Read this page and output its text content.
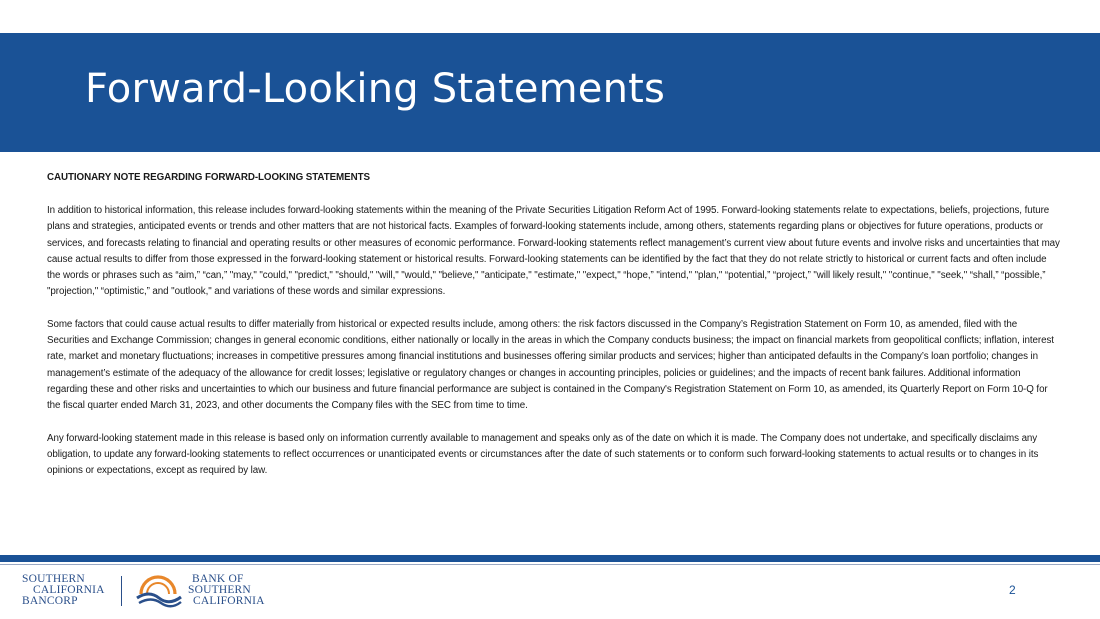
Forward-Looking Statements
CAUTIONARY NOTE REGARDING FORWARD-LOOKING STATEMENTS
In addition to historical information, this release includes forward-looking statements within the meaning of the Private Securities Litigation Reform Act of 1995. Forward-looking statements relate to expectations, beliefs, projections, future plans and strategies, anticipated events or trends and other matters that are not historical facts. Examples of forward-looking statements include, among others, statements regarding plans or objectives for future operations, products or services, and forecasts relating to financial and operating results or other measures of economic performance. Forward-looking statements reflect management’s current view about future events and involve risks and uncertainties that may cause actual results to differ from those expressed in the forward-looking statement or historical results. Forward-looking statements can be identified by the fact that they do not relate strictly to historical or current facts and often include the words or phrases such as “aim,” “can,” "may," "could," "predict," "should," "will," "would," "believe," "anticipate," "estimate," "expect," “hope,” "intend," "plan," “potential,” “project,” "will likely result," "continue," "seek," “shall,” “possible,” "projection," “optimistic,” and "outlook," and variations of these words and similar expressions.
Some factors that could cause actual results to differ materially from historical or expected results include, among others: the risk factors discussed in the Company’s Registration Statement on Form 10, as amended, filed with the Securities and Exchange Commission; changes in general economic conditions, either nationally or locally in the areas in which the Company conducts business; the impact on financial markets from geopolitical conflicts; inflation, interest rate, market and monetary fluctuations; increases in competitive pressures among financial institutions and businesses offering similar products and services; higher than anticipated defaults in the Company’s loan portfolio; changes in management’s estimate of the adequacy of the allowance for credit losses; legislative or regulatory changes or changes in accounting principles, policies or guidelines; and the impacts of recent bank failures. Additional information regarding these and other risks and uncertainties to which our business and future financial performance are subject is contained in the Company's Registration Statement on Form 10, as amended, its Quarterly Report on Form 10-Q for the fiscal quarter ended March 31, 2023, and other documents the Company files with the SEC from time to time.
Any forward-looking statement made in this release is based only on information currently available to management and speaks only as of the date on which it is made. The Company does not undertake, and specifically disclaims any obligation, to update any forward-looking statements to reflect occurrences or unanticipated events or circumstances after the date of such statements or to conform such forward-looking statements to actual results or to changes in its opinions or expectations, except as required by law.
SOUTHERN
CALIFORNIA
BANCORP
BANK OF
SOUTHERN
CALIFORNIA
2
